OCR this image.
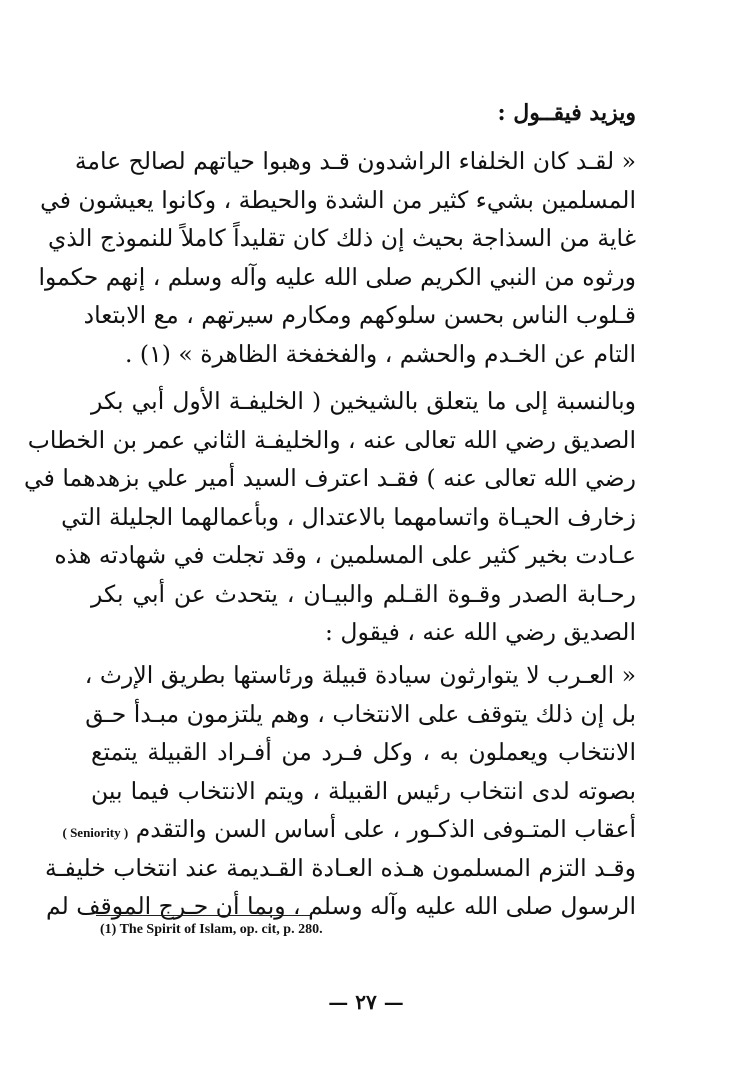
ويزيد فيقــول :
« لقـد كان الخلفاء الراشدون قـد وهبوا حياتهم لصالح عامة
المسلمين بشيء كثير من الشدة والحيطة ، وكانوا يعيشون في
غاية من السذاجة بحيث إن ذلك كان تقليداً كاملاً للنموذج الذي
ورثوه من النبي الكريم صلى الله عليه وآله وسلم ، إنهم حكموا
قـلوب الناس بحسن سلوكهم ومكارم سيرتهم ، مع الابتعاد
التام عن الخـدم والحشم ، والفخفخة الظاهرة » (١) .
وبالنسبة إلى ما يتعلق بالشيخين ( الخليفـة الأول أبي بكر
الصديق رضي الله تعالى عنه ، والخليفـة الثاني عمر بن الخطاب
رضي الله تعالى عنه ) فقـد اعترف السيد أمير علي بزهدهما في
زخارف الحيـاة واتسامهما بالاعتدال ، وبأعمالهما الجليلة التي
عـادت بخير كثير على المسلمين ، وقد تجلت في شهادته هذه
رحـابة الصدر وقـوة القـلم والبيـان ، يتحدث عن أبي بكر
الصديق رضي الله عنه ، فيقول :
« العـرب لا يتوارثون سيادة قبيلة ورئاستها بطريق الإرث ،
بل إن ذلك يتوقف على الانتخاب ، وهم يلتزمون مبـدأ حـق
الانتخاب ويعملون به ، وكل فـرد من أفـراد القبيلة يتمتع
بصوته لدى انتخاب رئيس القبيلة ، ويتم الانتخاب فيما بين
أعقاب المتـوفى الذكـور ، على أساس السن والتقدم ( Seniority )
وقـد التزم المسلمون هـذه العـادة القـديمة عند انتخاب خليفـة
الرسول صلى الله عليه وآله وسلم ، وبما أن حـرج الموقف لم
(1) The Spirit of Islam, op. cit, p. 280.
— ٢٧ —
